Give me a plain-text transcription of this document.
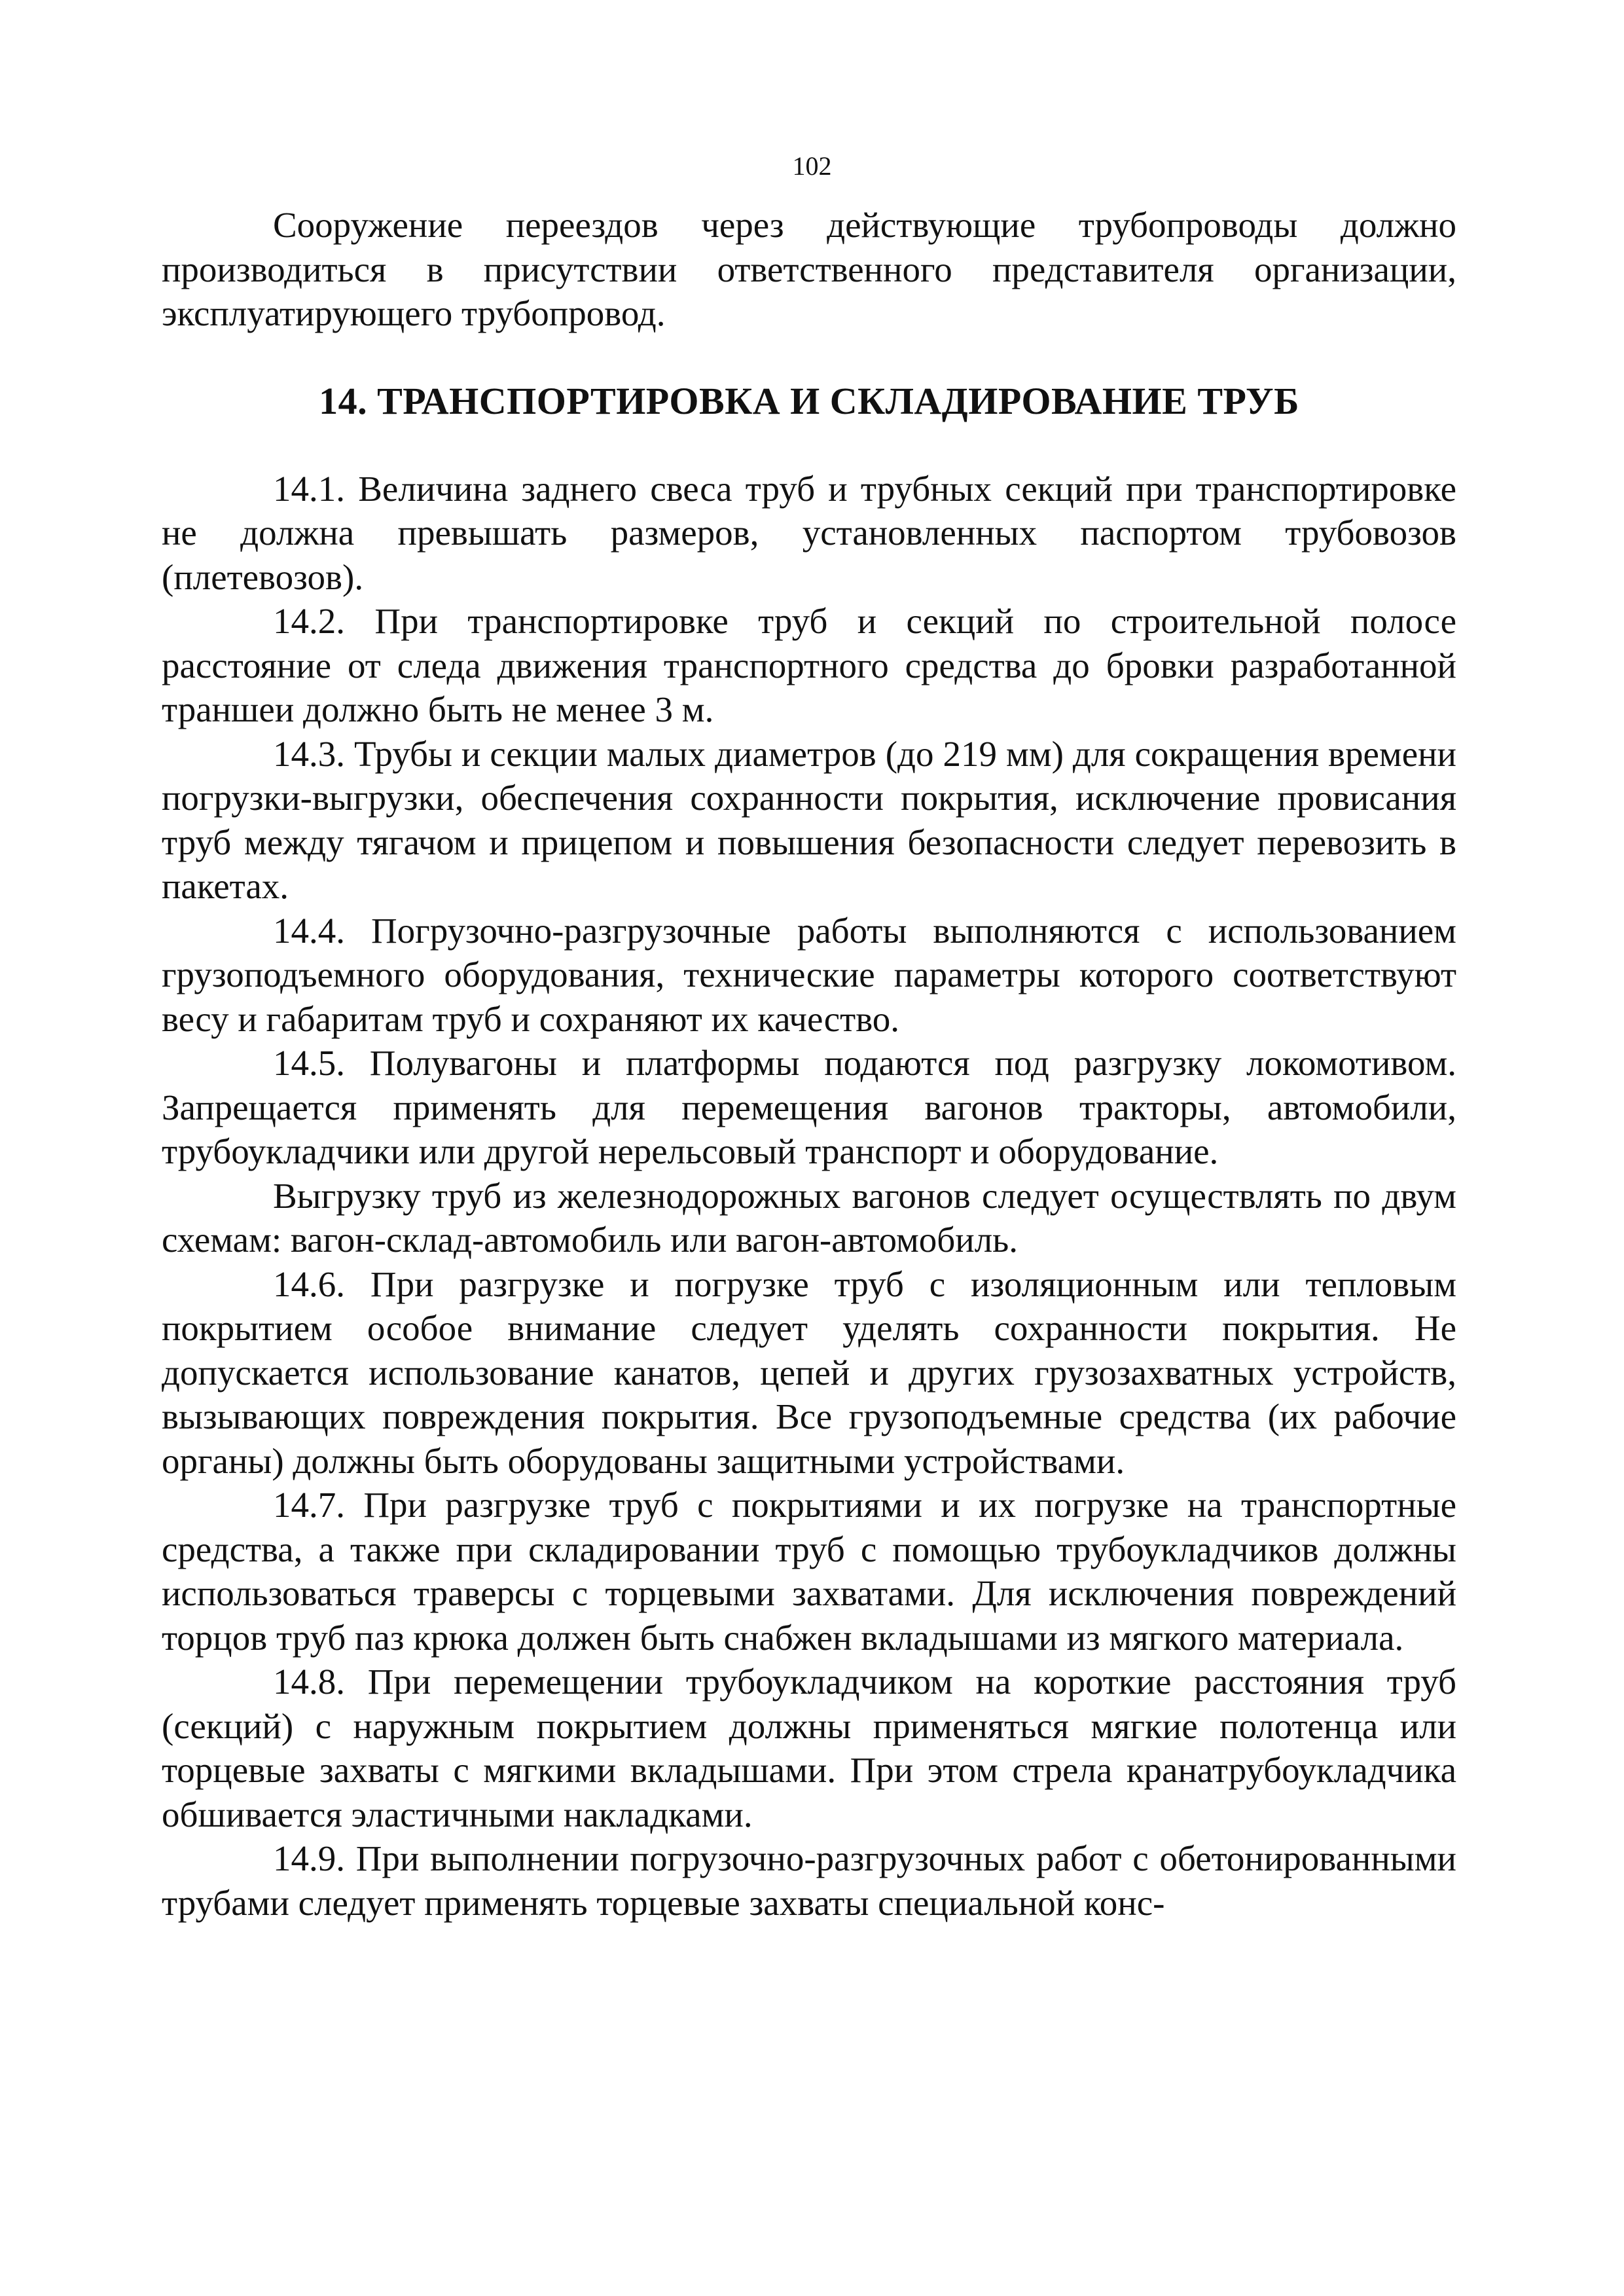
102

Сооружение переездов через действующие трубопроводы должно производиться в присутствии ответственного представителя организации, эксплуатирующего трубопровод.

14. ТРАНСПОРТИРОВКА И СКЛАДИРОВАНИЕ ТРУБ

14.1. Величина заднего свеса труб и трубных секций при транспортировке не должна превышать размеров, установленных паспортом трубовозов (плетевозов).

14.2. При транспортировке труб и секций по строительной полосе расстояние от следа движения транспортного средства до бровки разработанной траншеи должно быть не менее 3 м.

14.3. Трубы и секции малых диаметров (до 219 мм) для сокращения времени погрузки-выгрузки, обеспечения сохранности покрытия, исключение провисания труб между тягачом и прицепом и повышения безопасности следует перевозить в пакетах.

14.4. Погрузочно-разгрузочные работы выполняются с использованием грузоподъемного оборудования, технические параметры которого соответствуют весу и габаритам труб и сохраняют их качество.

14.5. Полувагоны и платформы подаются под разгрузку локомотивом. Запрещается применять для перемещения вагонов тракторы, автомобили, трубоукладчики или другой нерельсовый транспорт и оборудование.

Выгрузку труб из железнодорожных вагонов следует осуществлять по двум схемам: вагон-склад-автомобиль или вагон-автомобиль.

14.6. При разгрузке и погрузке труб с изоляционным или тепловым покрытием особое внимание следует уделять сохранности покрытия. Не допускается использование канатов, цепей и других грузозахватных устройств, вызывающих повреждения покрытия. Все грузоподъемные средства (их рабочие органы) должны быть оборудованы защитными устройствами.

14.7. При разгрузке труб с покрытиями и их погрузке на транспортные средства, а также при складировании труб с помощью трубоукладчиков должны использоваться траверсы с торцевыми захватами. Для исключения повреждений торцов труб паз крюка должен быть снабжен вкладышами из мягкого материала.

14.8. При перемещении трубоукладчиком на короткие расстояния труб (секций) с наружным покрытием должны применяться мягкие полотенца или торцевые захваты с мягкими вкладышами. При этом стрела кранатрубоукладчика обшивается эластичными накладками.

14.9. При выполнении погрузочно-разгрузочных работ с обетонированными трубами следует применять торцевые захваты специальной конс-
